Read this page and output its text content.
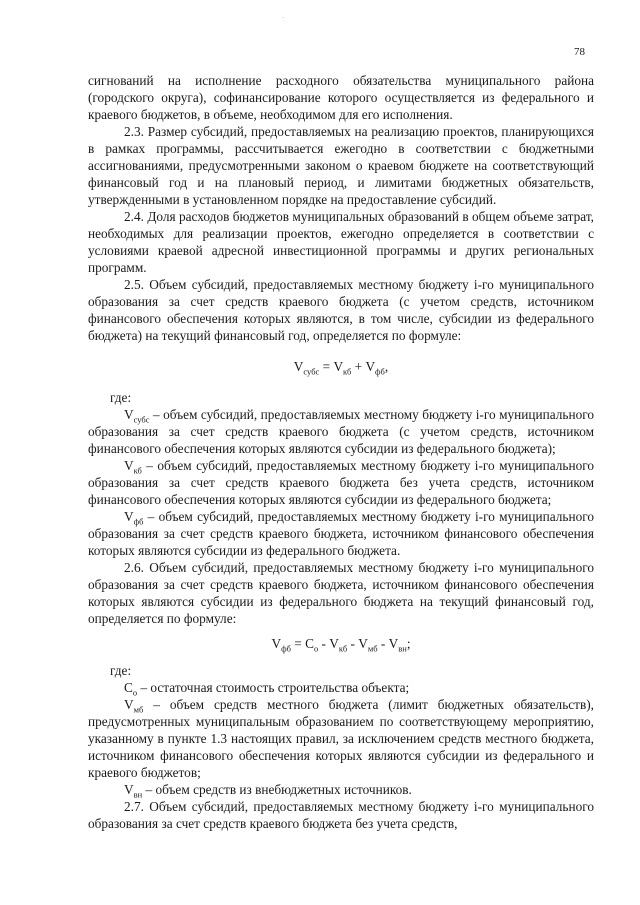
.
78

сигнований на исполнение расходного обязательства муниципального района (городского округа), софинансирование которого осуществляется из федерального и краевого бюджетов, в объеме, необходимом для его исполнения.

2.3. Размер субсидий, предоставляемых на реализацию проектов, планирующихся в рамках программы, рассчитывается ежегодно в соответствии с бюджетными ассигнованиями, предусмотренными законом о краевом бюджете на соответствующий финансовый год и на плановый период, и лимитами бюджетных обязательств, утвержденными в установленном порядке на предоставление субсидий.

2.4. Доля расходов бюджетов муниципальных образований в общем объеме затрат, необходимых для реализации проектов, ежегодно определяется в соответствии с условиями краевой адресной инвестиционной программы и других региональных программ.

2.5. Объем субсидий, предоставляемых местному бюджету i-го муниципального образования за счет средств краевого бюджета (с учетом средств, источником финансового обеспечения которых являются, в том числе, субсидии из федерального бюджета) на текущий финансовый год, определяется по формуле:

$V_{субс} = V_{кб} + V_{фб}$,

где:

$V_{субс}$ – объем субсидий, предоставляемых местному бюджету i-го муниципального образования за счет средств краевого бюджета (с учетом средств, источником финансового обеспечения которых являются субсидии из федерального бюджета);

$V_{кб}$ – объем субсидий, предоставляемых местному бюджету i-го муниципального образования за счет средств краевого бюджета без учета средств, источником финансового обеспечения которых являются субсидии из федерального бюджета;

$V_{фб}$ – объем субсидий, предоставляемых местному бюджету i-го муниципального образования за счет средств краевого бюджета, источником финансового обеспечения которых являются субсидии из федерального бюджета.

2.6. Объем субсидий, предоставляемых местному бюджету i-го муниципального образования за счет средств краевого бюджета, источником финансового обеспечения которых являются субсидии из федерального бюджета на текущий финансовый год, определяется по формуле:

$V_{фб} = C_о - V_{кб} - V_{мб} - V_{вн}$;

где:

$C_о$ – остаточная стоимость строительства объекта;

$V_{мб}$ – объем средств местного бюджета (лимит бюджетных обязательств), предусмотренных муниципальным образованием по соответствующему мероприятию, указанному в пункте 1.3 настоящих правил, за исключением средств местного бюджета, источником финансового обеспечения которых являются субсидии из федерального и краевого бюджетов;

$V_{вн}$ – объем средств из внебюджетных источников.

2.7. Объем субсидий, предоставляемых местному бюджету i-го муниципального образования за счет средств краевого бюджета без учета средств,
